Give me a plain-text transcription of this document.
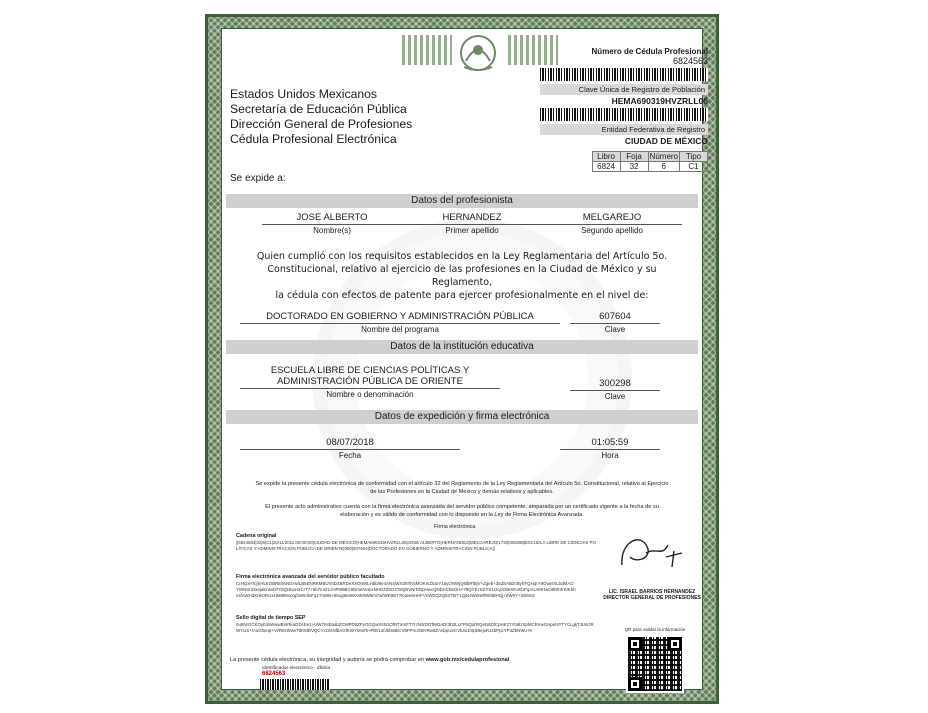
Estados Unidos Mexicanos
Secretaría de Educación Pública
Dirección General de Profesiones
Cédula Profesional Electrónica
Número de Cédula Profesional
6824563
Clave Única de Registro de Población
HEMA690319HVZRLL06
Entidad Federativa de Registro
CIUDAD DE MÉXICO
Libro	Foja	Número	Tipo
6824	32	6	C1
Se expide a:
Datos del profesionista
JOSE ALBERTO
Nombre(s)
HERNANDEZ
Primer apellido
MELGAREJO
Segundo apellido
Quien cumplió con los requisitos establecidos en la Ley Reglamentaria del Artículo 5o.
Constitucional, relativo al ejercicio de las profesiones en la Ciudad de México y su Reglamento,
la cédula con efectos de patente para ejercer profesionalmente en el nivel de:
DOCTORADO EN GOBIERNO Y ADMINISTRACIÓN PÚBLICA
Nombre del programa
607604
Clave
Datos de la institución educativa
ESCUELA LIBRE DE CIENCIAS POLÍTICAS Y
ADMINISTRACIÓN PÚBLICA DE ORIENTE
Nombre o denominación
300298
Clave
Datos de expedición y firma electrónica
08/07/2018
Fecha
01:05:59
Hora
Se expide la presente cédula electrónica de conformidad con el artículo 32 del Reglamento de la Ley Reglamentaria del Artículo 5o. Constitucional, relativo al Ejercicio
de las Profesiones en la Ciudad de México y demás relativos y aplicables.
El presente acto administrativo cuenta con la firma electrónica avanzada del servidor público competente, amparada por un certificado vigente a la fecha de su
elaboración y es válido de conformidad con lo dispuesto en la Ley de Firma Electrónica Avanzada.
Firma electrónica
Cadena original
||6824563|32|6|C1|20/11/2011 00:00:00|CIUDAD DE MÉXICO|HEMA690319HVZRLL06|JOSE ALBERTO|HERNANDEZ|MELGAREJO|1730|300298|ESCUELA LIBRE DE CIENCIAS POLÍTICAS Y ADMINISTRACIÓN PÚBLICA DE ORIENTE|080|607604|DOCTORADO EN GOBIERNO Y ADMINISTRACIÓN PÚBLICA||
Firma electrónica avanzada del servidor público facultado
CrHQxHX||nHLEOBRE9sNGHvlLB5ENRKMBUVnD4BRDeXXO0WLHbb/8e4ANxjWXZ5TK6MOKInZ5arY1ayONWjQ6lbRfBjV+Zgeb+35dSA5DcByfrFQHqrY9OwetXLbdMAOYWNSr33xvjaKrwxblTrDQHbxH3CrT7+8b7IrvZLzHP9t9BC9DmeNvmxNHDZZbO3T8QBVNrDDpHwcQNDrdzb5OHA78QYEzDZYE1OcjoOBHEUKbPqACAMHwO8hR3rKtKbhnslAWHdXHk0RcIxHM89NaXgfoWmfvFq1TmBN+66ug9e5WXsE6W8mi7wfWEtIBT7Kqee6HHFVnWDQZQ53T5rT1QjN4WnN9fW0tBHQj+dW9Y+XEMo2
Sello digital de tiempo SEP
0u5NrGCKOyb3vWwwBmRkaGDcEe1+UW7rHEaabZGMPDbZPyGGQwX4N1OfRTmXFT7rcN0rDITfMGADr3b3LLFFNQdrRQeD6DfCpHK27Yb9lzXpMCRmeGApeUPTYCLgkTJLWJRWYUS+/AuGfxeqt+Vi/R0zWwvT9KMDVQCYxOGNfbAGfKWYMmf5+PlEt1afJkfs8tkCV9FPrn3l4tHRw8ZAnbpUeCVk3u1htpk9ejxRJ2bPpzYP3ZbNWo+K
LIC. ISRAEL BARRIOS HERNANDEZ
DIRECTOR GENERAL DE PROFESIONES
QR para validar la información
La presente cédula electrónica, su integridad y autoría se podrá comprobar en www.gob.mx/cedulaprofesional
Identificador electrónico - dfds/a
6824563
